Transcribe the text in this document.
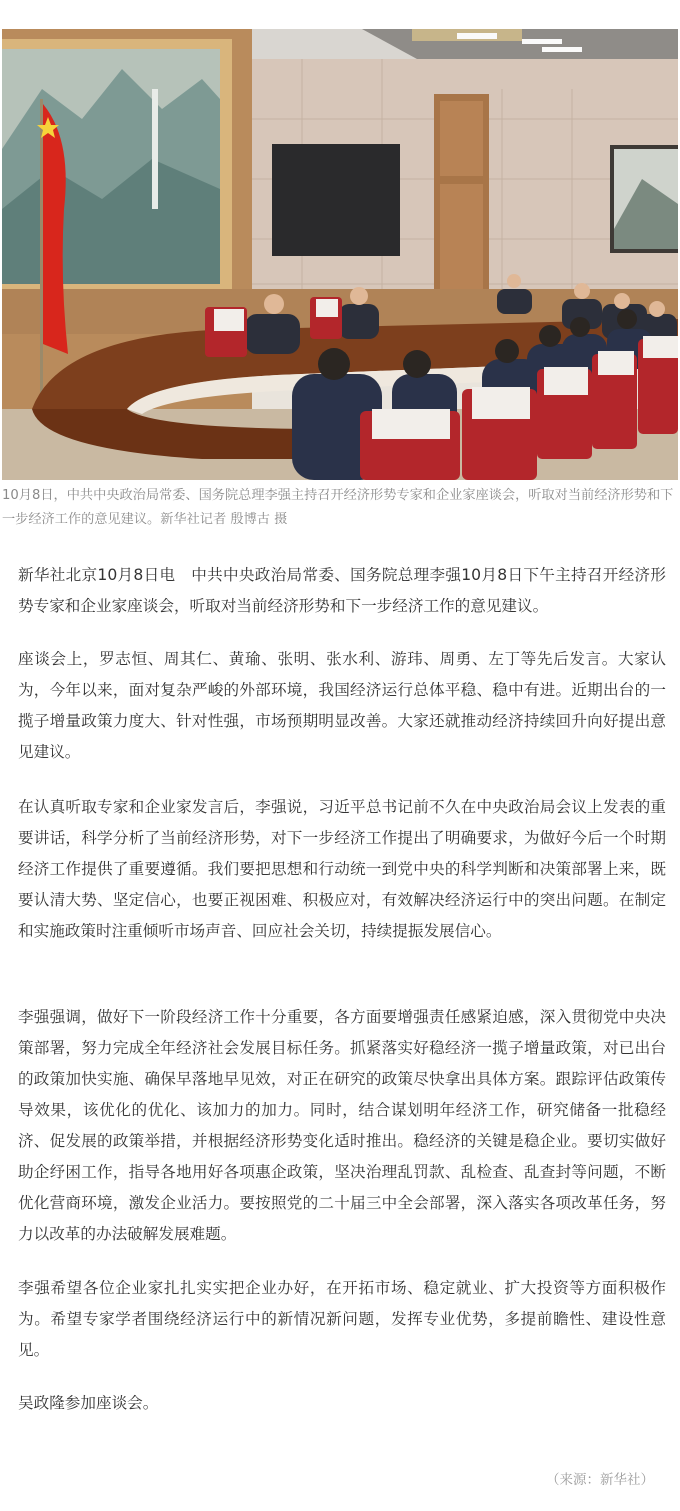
10月8日，中共中央政治局常委、国务院总理李强主持召开经济形势专家和企业家座谈会，听取对当前经济形势和下一步经济工作的意见建议。新华社记者 殷博古 摄

新华社北京10月8日电　中共中央政治局常委、国务院总理李强10月8日下午主持召开经济形势专家和企业家座谈会，听取对当前经济形势和下一步经济工作的意见建议。

座谈会上，罗志恒、周其仁、黄瑜、张明、张水利、游玮、周勇、左丁等先后发言。大家认为，今年以来，面对复杂严峻的外部环境，我国经济运行总体平稳、稳中有进。近期出台的一揽子增量政策力度大、针对性强，市场预期明显改善。大家还就推动经济持续回升向好提出意见建议。

在认真听取专家和企业家发言后，李强说，习近平总书记前不久在中央政治局会议上发表的重要讲话，科学分析了当前经济形势，对下一步经济工作提出了明确要求，为做好今后一个时期经济工作提供了重要遵循。我们要把思想和行动统一到党中央的科学判断和决策部署上来，既要认清大势、坚定信心，也要正视困难、积极应对，有效解决经济运行中的突出问题。在制定和实施政策时注重倾听市场声音、回应社会关切，持续提振发展信心。

李强强调，做好下一阶段经济工作十分重要，各方面要增强责任感紧迫感，深入贯彻党中央决策部署，努力完成全年经济社会发展目标任务。抓紧落实好稳经济一揽子增量政策，对已出台的政策加快实施、确保早落地早见效，对正在研究的政策尽快拿出具体方案。跟踪评估政策传导效果，该优化的优化、该加力的加力。同时，结合谋划明年经济工作，研究储备一批稳经济、促发展的政策举措，并根据经济形势变化适时推出。稳经济的关键是稳企业。要切实做好助企纾困工作，指导各地用好各项惠企政策，坚决治理乱罚款、乱检查、乱查封等问题，不断优化营商环境，激发企业活力。要按照党的二十届三中全会部署，深入落实各项改革任务，努力以改革的办法破解发展难题。

李强希望各位企业家扎扎实实把企业办好，在开拓市场、稳定就业、扩大投资等方面积极作为。希望专家学者围绕经济运行中的新情况新问题，发挥专业优势，多提前瞻性、建设性意见。

吴政隆参加座谈会。

（来源：新华社）
